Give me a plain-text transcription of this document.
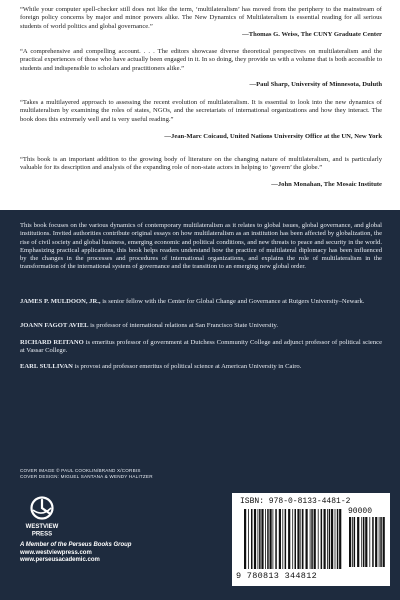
“While your computer spell-checker still does not like the term, ‘multilateralism’ has moved from the periphery to the mainstream of foreign policy concerns by major and minor powers alike. The New Dynamics of Multilateralism is essential reading for all serious students of world politics and global governance.”
—Thomas G. Weiss, The CUNY Graduate Center
“A comprehensive and compelling account. . . . The editors showcase diverse theoretical perspectives on multilateralism and the practical experiences of those who have actually been engaged in it. In so doing, they provide us with a volume that is both accessible to students and indispensible to scholars and practitioners alike.”
—Paul Sharp, University of Minnesota, Duluth
“Takes a multilayered approach to assessing the recent evolution of multilateralism. It is essential to look into the new dynamics of multilateralism by examining the roles of states, NGOs, and the secretariats of international organizations and how they interact. The book does this extremely well and is very useful reading.”
—Jean-Marc Coicaud, United Nations University Office at the UN, New York
“This book is an important addition to the growing body of literature on the changing nature of multilateralism, and is particularly valuable for its description and analysis of the expanding role of non-state actors in helping to ‘govern’ the globe.”
—John Monahan, The Mosaic Institute
This book focuses on the various dynamics of contemporary multilateralism as it relates to global issues, global governance, and global institutions. Invited authorities contribute original essays on how multilateralism as an institution has been affected by globalization, the rise of civil society and global business, emerging economic and political conditions, and new threats to peace and security in the world. Emphasizing practical applications, this book helps readers understand how the practice of multilateral diplomacy has been influenced by the changes in the processes and procedures of international organizations, and explains the role of multilateralism in the transformation of the international system of governance and the transition to an emerging new global order.
JAMES P. MULDOON, JR., is senior fellow with the Center for Global Change and Governance at Rutgers University–Newark.
JOANN FAGOT AVIEL is professor of international relations at San Francisco State University.
RICHARD REITANO is emeritus professor of government at Dutchess Community College and adjunct professor of political science at Vassar College.
EARL SULLIVAN is provost and professor emeritus of political science at American University in Cairo.
COVER IMAGE © PAUL COOKLIN/BRAND X/CORBIS
COVER DESIGN: MIGUEL SANTANA & WENDY HALITZER
WESTVIEW
PRESS
A Member of the Perseus Books Group
www.westviewpress.com
www.perseusacademic.com
ISBN: 978-0-8133-4481-2
9 780813 344812
90000
